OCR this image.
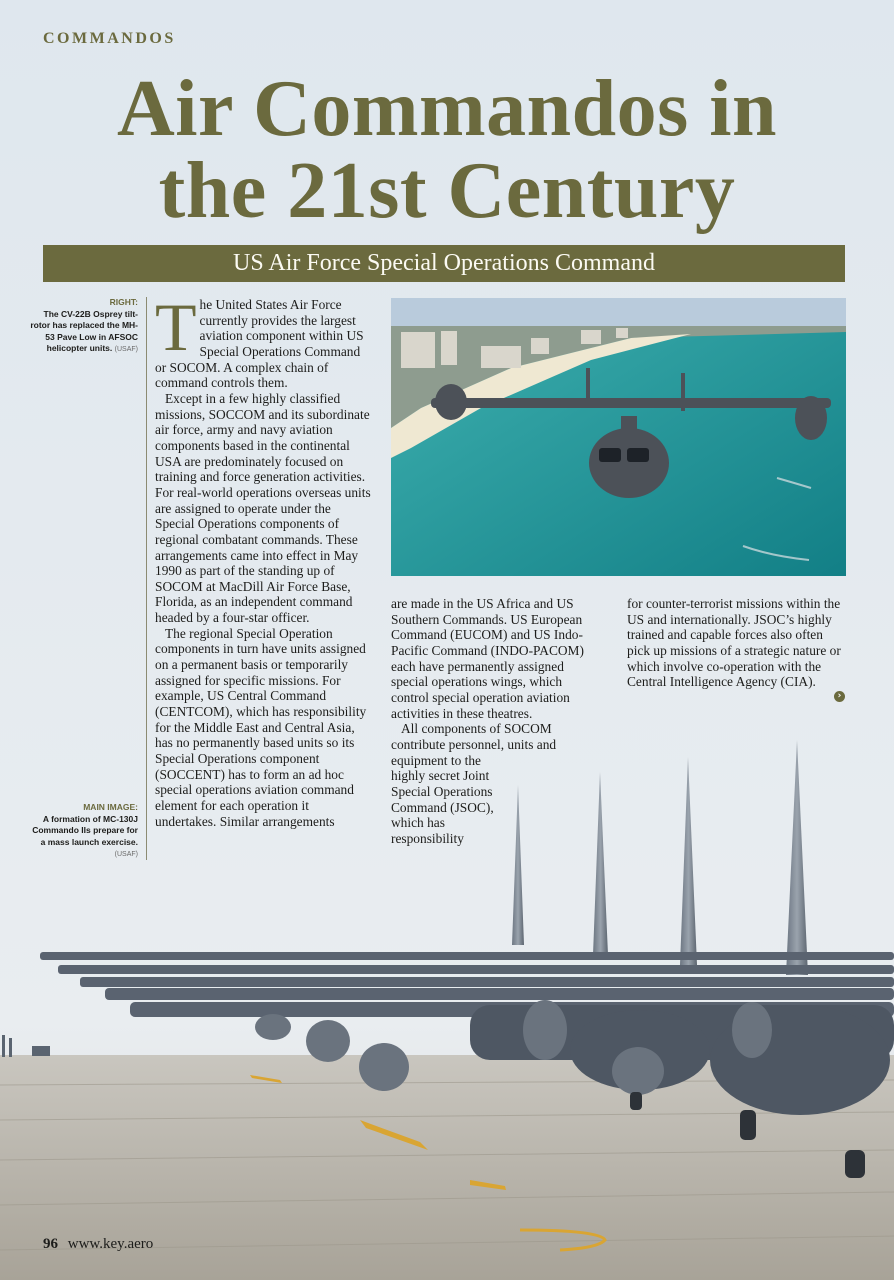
COMMANDOS
Air Commandos in
the 21st Century
US Air Force Special Operations Command
RIGHT:
The CV-22B Osprey tilt-rotor has replaced the MH-53 Pave Low in AFSOC helicopter units. (USAF)
MAIN IMAGE:
A formation of MC-130J Commando IIs prepare for a mass launch exercise.
(USAF)

The United States Air Force currently provides the largest aviation component within US Special Operations Command or SOCOM. A complex chain of command controls them.

Except in a few highly classified missions, SOCCOM and its subordinate air force, army and navy aviation components based in the continental USA are predominately focused on training and force generation activities. For real-world operations overseas units are assigned to operate under the Special Operations components of regional combatant commands. These arrangements came into effect in May 1990 as part of the standing up of SOCOM at MacDill Air Force Base, Florida, as an independent command headed by a four-star officer.

The regional Special Operation components in turn have units assigned on a permanent basis or temporarily assigned for specific missions. For example, US Central Command (CENTCOM), which has responsibility for the Middle East and Central Asia, has no permanently based units so its Special Operations component (SOCCENT) has to form an ad hoc special operations aviation command element for each operation it undertakes. Similar arrangements

are made in the US Africa and US Southern Commands. US European Command (EUCOM) and US Indo-Pacific Command (INDO-PACOM) each have permanently assigned special operations wings, which control special operation aviation activities in these theatres.

All components of SOCOM contribute personnel, units and equipment to the

highly secret Joint Special Operations Command (JSOC), which has responsibility

for counter-terrorist missions within the US and internationally. JSOC’s highly trained and capable forces also often pick up missions of a strategic nature or which involve co-operation with the Central Intelligence Agency (CIA).

›
96 www.key.aero
